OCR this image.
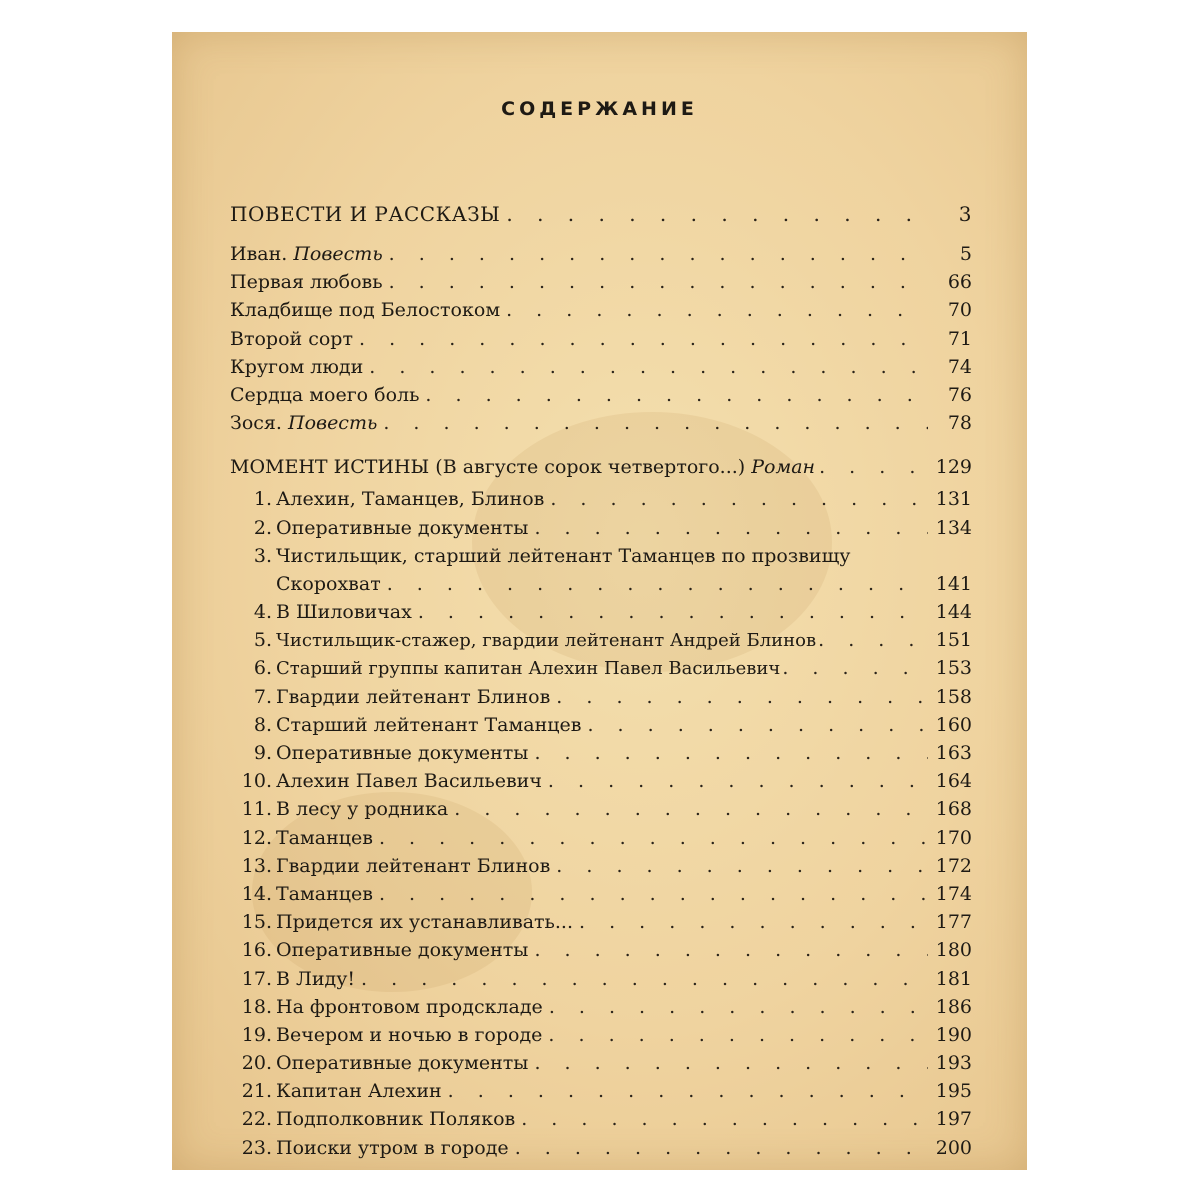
СОДЕРЖАНИЕ
ПОВЕСТИ И РАССКАЗЫ . . .	3
Иван. Повесть . . .	5
Первая любовь . . .	66
Кладбище под Белостоком . . .	70
Второй сорт . . .	71
Кругом люди . . .	74
Сердца моего боль . . .	76
Зося. Повесть . . .	78
МОМЕНТ ИСТИНЫ (В августе сорок четвертого...) Роман . . .	129
1. Алехин, Таманцев, Блинов . . .	131
2. Оперативные документы . . .	134
3. Чистильщик, старший лейтенант Таманцев по прозвищу
Скорохват . . .	141
4. В Шиловичах . . .	144
5. Чистильщик-стажер, гвардии лейтенант Андрей Блинов . . .	151
6. Старший группы капитан Алехин Павел Васильевич . . .	153
7. Гвардии лейтенант Блинов . . .	158
8. Старший лейтенант Таманцев . . .	160
9. Оперативные документы . . .	163
10. Алехин Павел Васильевич . . .	164
11. В лесу у родника . . .	168
12. Таманцев . . .	170
13. Гвардии лейтенант Блинов . . .	172
14. Таманцев . . .	174
15. Придется их устанавливать... . . .	177
16. Оперативные документы . . .	180
17. В Лиду! . . .	181
18. На фронтовом продскладе . . .	186
19. Вечером и ночью в городе . . .	190
20. Оперативные документы . . .	193
21. Капитан Алехин . . .	195
22. Подполковник Поляков . . .	197
23. Поиски утром в городе . . .	200
